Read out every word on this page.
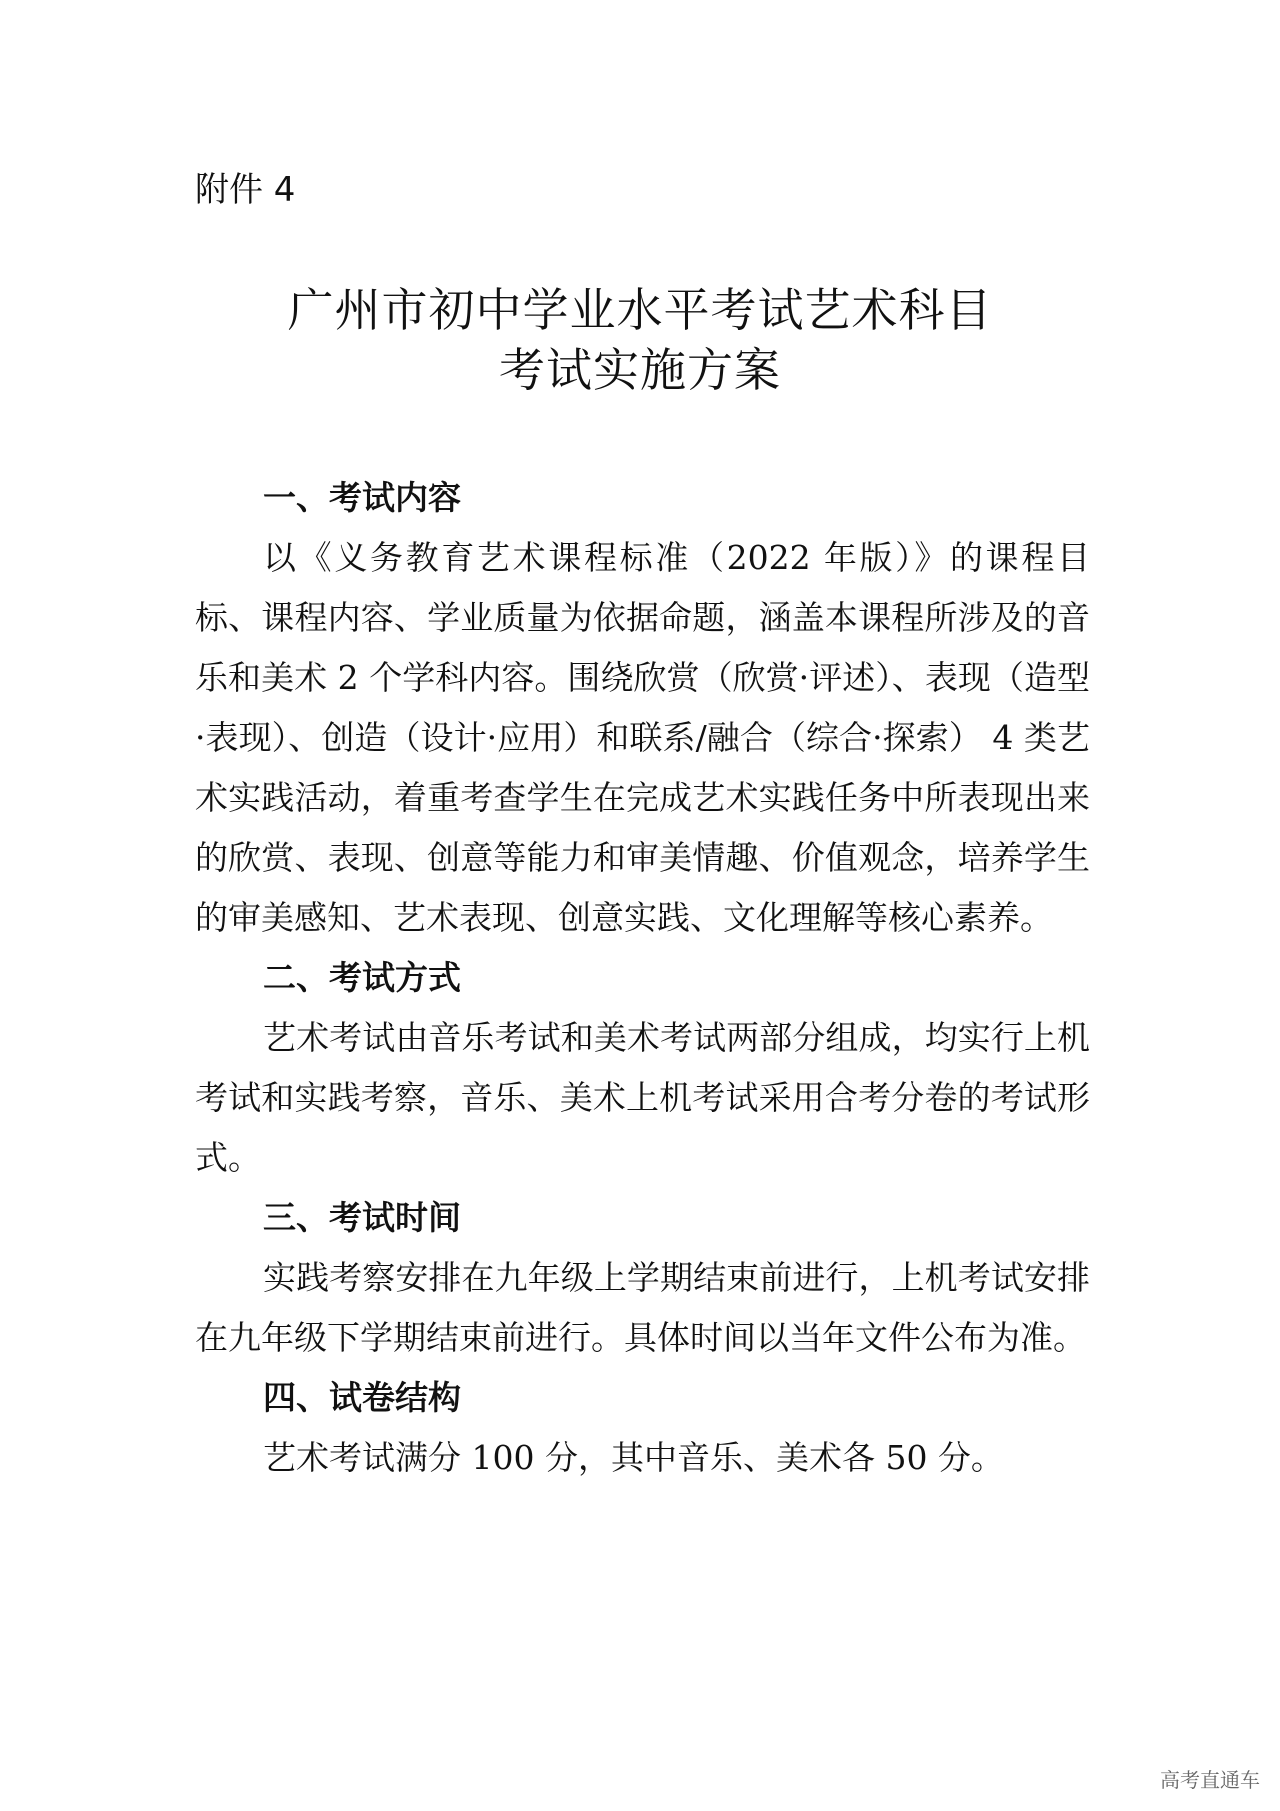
附件 4
广州市初中学业水平考试艺术科目
考试实施方案

一、考试内容

以《义务教育艺术课程标准（2022 年版）》的课程目标、课程内容、学业质量为依据命题，涵盖本课程所涉及的音乐和美术 2 个学科内容。围绕欣赏（欣赏·评述）、表现（造型·表现）、创造（设计·应用）和联系/融合（综合·探索） 4 类艺术实践活动，着重考查学生在完成艺术实践任务中所表现出来的欣赏、表现、创意等能力和审美情趣、价值观念，培养学生的审美感知、艺术表现、创意实践、文化理解等核心素养。

二、考试方式

艺术考试由音乐考试和美术考试两部分组成，均实行上机考试和实践考察，音乐、美术上机考试采用合考分卷的考试形式。

三、考试时间

实践考察安排在九年级上学期结束前进行，上机考试安排在九年级下学期结束前进行。具体时间以当年文件公布为准。

四、试卷结构

艺术考试满分 100 分，其中音乐、美术各 50 分。

高考直通车
